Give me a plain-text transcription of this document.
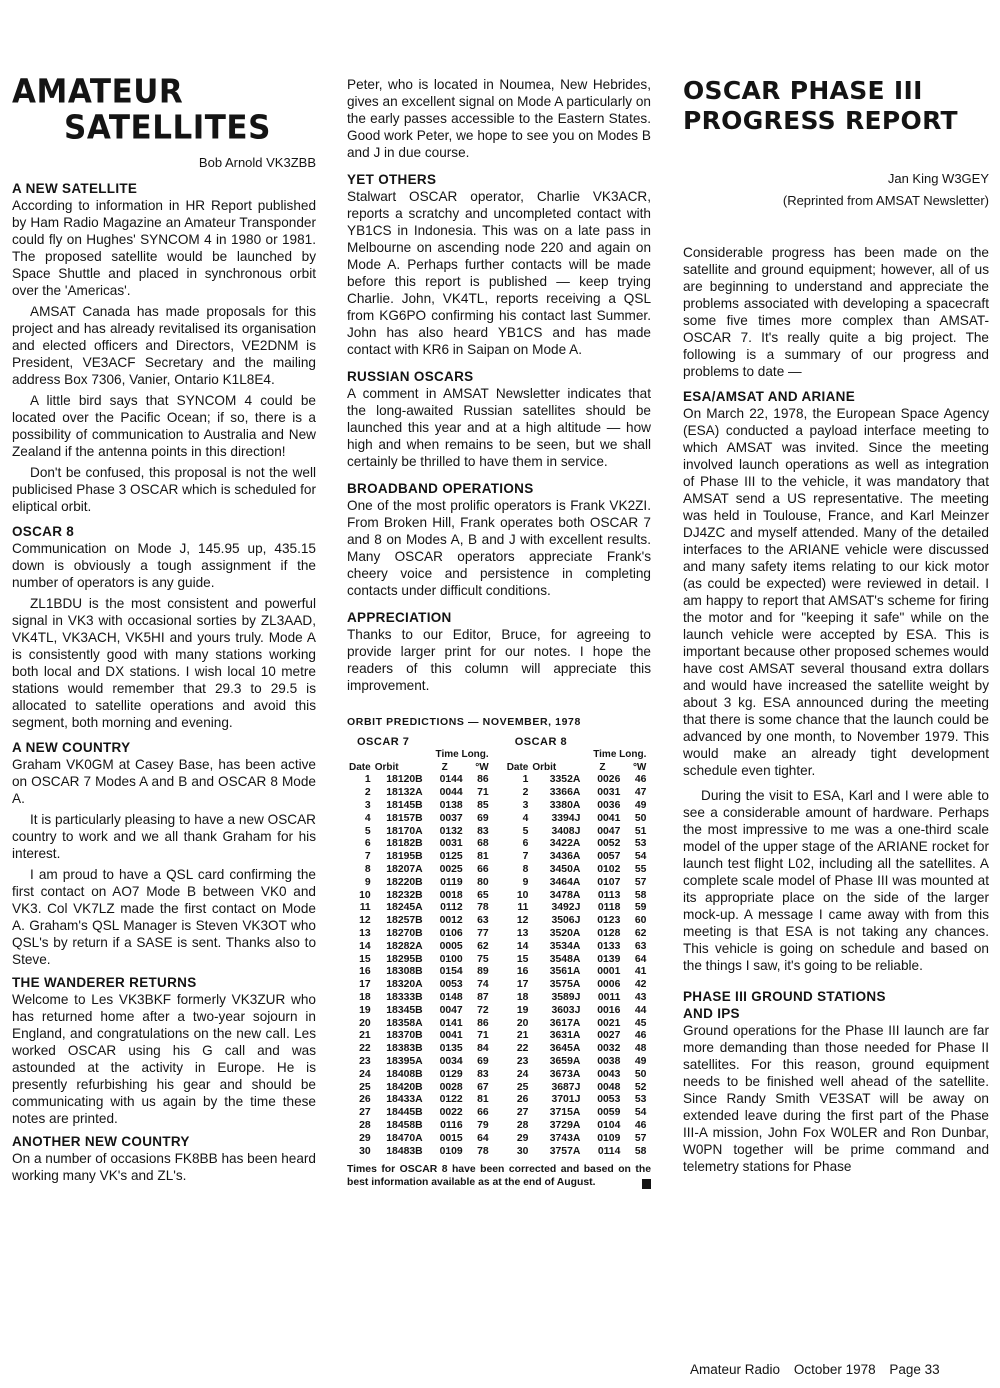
AMATEUR
SATELLITES
Bob Arnold VK3ZBB
A NEW SATELLITE

According to information in HR Report published by Ham Radio Magazine an Amateur Transponder could fly on Hughes' SYNCOM 4 in 1980 or 1981. The proposed satellite would be launched by Space Shuttle and placed in synchronous orbit over the 'Americas'.

AMSAT Canada has made proposals for this project and has already revitalised its organisation and elected officers and Directors, VE2DNM is President, VE3ACF Secretary and the mailing address Box 7306, Vanier, Ontario K1L8E4.

A little bird says that SYNCOM 4 could be located over the Pacific Ocean; if so, there is a possibility of communication to Australia and New Zealand if the antenna points in this direction!

Don't be confused, this proposal is not the well publicised Phase 3 OSCAR which is scheduled for eliptical orbit.

OSCAR 8

Communication on Mode J, 145.95 up, 435.15 down is obviously a tough assignment if the number of operators is any guide.

ZL1BDU is the most consistent and powerful signal in VK3 with occasional sorties by ZL3AAD, VK4TL, VK3ACH, VK5HI and yours truly. Mode A is consistently good with many stations working both local and DX stations. I wish local 10 metre stations would remember that 29.3 to 29.5 is allocated to satellite operations and avoid this segment, both morning and evening.

A NEW COUNTRY

Graham VK0GM at Casey Base, has been active on OSCAR 7 Modes A and B and OSCAR 8 Mode A.

It is particularly pleasing to have a new OSCAR country to work and we all thank Graham for his interest.

I am proud to have a QSL card confirming the first contact on AO7 Mode B between VK0 and VK3. Col VK7LZ made the first contact on Mode A. Graham's QSL Manager is Steven VK3OT who QSL's by return if a SASE is sent. Thanks also to Steve.

THE WANDERER RETURNS

Welcome to Les VK3BKF formerly VK3ZUR who has returned home after a two-year sojourn in England, and congratulations on the new call. Les worked OSCAR using his G call and was astounded at the activity in Europe. He is presently refurbishing his gear and should be communicating with us again by the time these notes are printed.

ANOTHER NEW COUNTRY

On a number of occasions FK8BB has been heard working many VK's and ZL's.

Peter, who is located in Noumea, New Hebrides, gives an excellent signal on Mode A particularly on the early passes accessible to the Eastern States. Good work Peter, we hope to see you on Modes B and J in due course.

YET OTHERS

Stalwart OSCAR operator, Charlie VK3ACR, reports a scratchy and uncompleted contact with YB1CS in Indonesia. This was on a late pass in Melbourne on ascending node 220 and again on Mode A. Perhaps further contacts will be made before this report is published — keep trying Charlie. John, VK4TL, reports receiving a QSL from KG6PO confirming his contact last Summer. John has also heard YB1CS and has made contact with KR6 in Saipan on Mode A.

RUSSIAN OSCARS

A comment in AMSAT Newsletter indicates that the long-awaited Russian satellites should be launched this year and at a high altitude — how high and when remains to be seen, but we shall certainly be thrilled to have them in service.

BROADBAND OPERATIONS

One of the most prolific operators is Frank VK2ZI. From Broken Hill, Frank operates both OSCAR 7 and 8 on Modes A, B and J with excellent results. Many OSCAR operators appreciate Frank's cheery voice and persistence in completing contacts under difficult conditions.

APPRECIATION

Thanks to our Editor, Bruce, for agreeing to provide larger print for our notes. I hope the readers of this column will appreciate this improvement.

ORBIT PREDICTIONS — NOVEMBER, 1978
OSCAR 7			
		Time Long.	
Date	Orbit	Z	°W
1	18120B	0144	86
2	18132A	0044	71
3	18145B	0138	85
4	18157B	0037	69
5	18170A	0132	83
6	18182B	0031	68
7	18195B	0125	81
8	18207A	0025	66
9	18220B	0119	80
10	18232B	0018	65
11	18245A	0112	78
12	18257B	0012	63
13	18270B	0106	77
14	18282A	0005	62
15	18295B	0100	75
16	18308B	0154	89
17	18320A	0053	74
18	18333B	0148	87
19	18345B	0047	72
20	18358A	0141	86
21	18370B	0041	71
22	18383B	0135	84
23	18395A	0034	69
24	18408B	0129	83
25	18420B	0028	67
26	18433A	0122	81
27	18445B	0022	66
28	18458B	0116	79
29	18470A	0015	64
30	18483B	0109	78
OSCAR 8			
		Time Long.	
Date	Orbit	Z	°W
1	3352A	0026	46
2	3366A	0031	47
3	3380A	0036	49
4	3394J	0041	50
5	3408J	0047	51
6	3422A	0052	53
7	3436A	0057	54
8	3450A	0102	55
9	3464A	0107	57
10	3478A	0113	58
11	3492J	0118	59
12	3506J	0123	60
13	3520A	0128	62
14	3534A	0133	63
15	3548A	0139	64
16	3561A	0001	41
17	3575A	0006	42
18	3589J	0011	43
19	3603J	0016	44
20	3617A	0021	45
21	3631A	0027	46
22	3645A	0032	48
23	3659A	0038	49
24	3673A	0043	50
25	3687J	0048	52
26	3701J	0053	53
27	3715A	0059	54
28	3729A	0104	46
29	3743A	0109	57
30	3757A	0114	58
Times for OSCAR 8 have been corrected and based on the best information available as at the end of August.
OSCAR PHASE III
PROGRESS REPORT
Jan King W3GEY
(Reprinted from AMSAT Newsletter)

Considerable progress has been made on the satellite and ground equipment; however, all of us are beginning to understand and appreciate the problems associated with developing a spacecraft some five times more complex than AMSAT-OSCAR 7. It's really quite a big project. The following is a summary of our progress and problems to date —

ESA/AMSAT AND ARIANE

On March 22, 1978, the European Space Agency (ESA) conducted a payload interface meeting to which AMSAT was invited. Since the meeting involved launch operations as well as integration of Phase III to the vehicle, it was mandatory that AMSAT send a US representative. The meeting was held in Toulouse, France, and Karl Meinzer DJ4ZC and myself attended. Many of the detailed interfaces to the ARIANE vehicle were discussed and many safety items relating to our kick motor (as could be expected) were reviewed in detail. I am happy to report that AMSAT's scheme for firing the motor and for "keeping it safe" while on the launch vehicle were accepted by ESA. This is important because other proposed schemes would have cost AMSAT several thousand extra dollars and would have increased the satellite weight by about 3 kg. ESA announced during the meeting that there is some chance that the launch could be advanced by one month, to November 1979. This would make an already tight development schedule even tighter.

During the visit to ESA, Karl and I were able to see a considerable amount of hardware. Perhaps the most impressive to me was a one-third scale model of the upper stage of the ARIANE rocket for launch test flight L02, including all the satellites. A complete scale model of Phase III was mounted at its appropriate place on the side of the larger mock-up. A message I came away with from this meeting is that ESA is not taking any chances. This vehicle is going on schedule and based on the things I saw, it's going to be reliable.

PHASE III GROUND STATIONS
AND IPS

Ground operations for the Phase III launch are far more demanding than those needed for Phase II satellites. For this reason, ground equipment needs to be finished well ahead of the satellite. Since Randy Smith VE3SAT will be away on extended leave during the first part of the Phase III-A mission, John Fox W0LER and Ron Dunbar, W0PN together will be prime command and telemetry stations for Phase

Amateur Radio October 1978 Page 33
